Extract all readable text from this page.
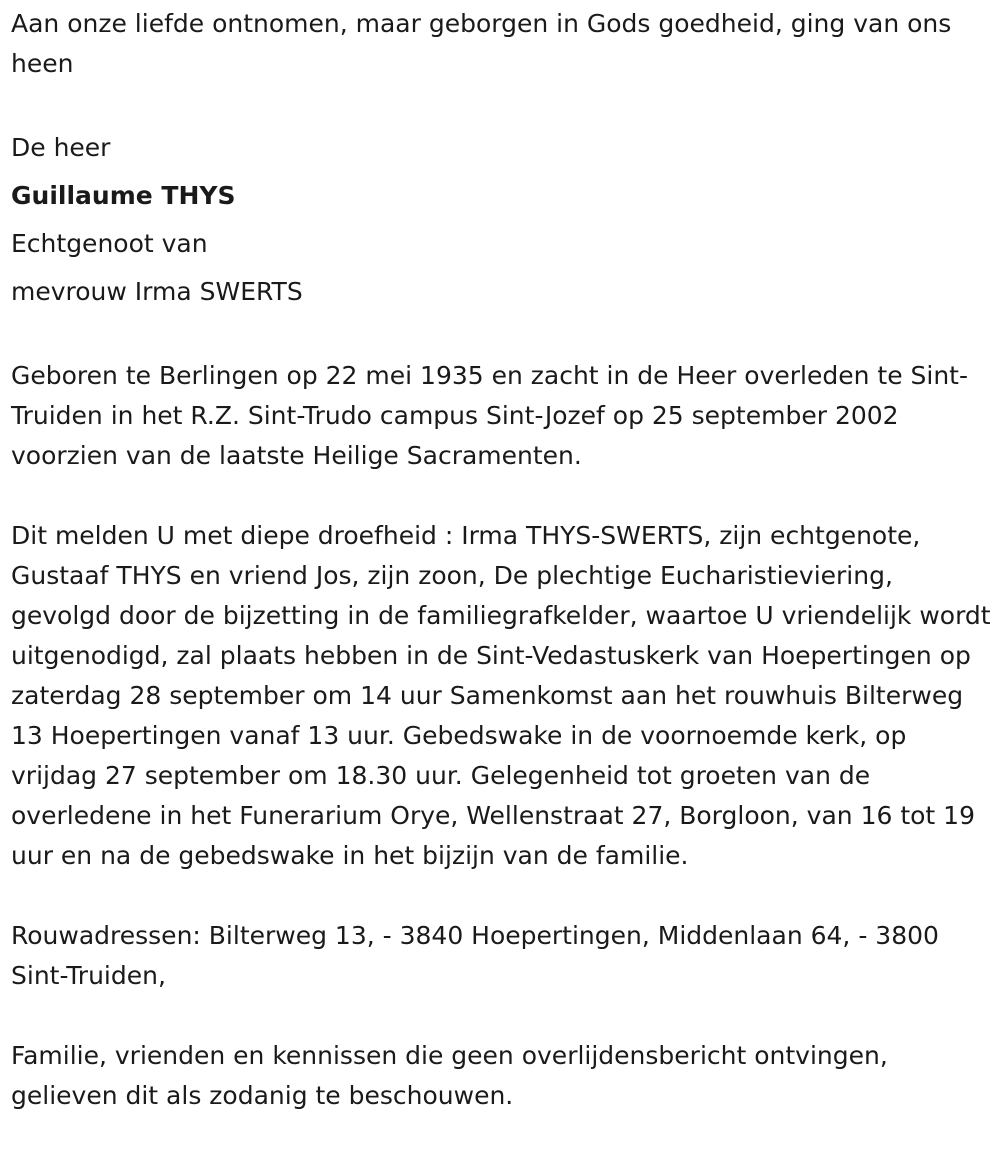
Aan onze liefde ontnomen, maar geborgen in Gods goedheid, ging van ons heen

De heer

Guillaume THYS

Echtgenoot van

mevrouw Irma SWERTS

Geboren te Berlingen op 22 mei 1935 en zacht in de Heer overleden te Sint-Truiden in het R.Z. Sint-Trudo campus Sint-Jozef op 25 september 2002 voorzien van de laatste Heilige Sacramenten.

Dit melden U met diepe droefheid : Irma THYS-SWERTS, zijn echtgenote, Gustaaf THYS en vriend Jos, zijn zoon, De plechtige Eucharistieviering, gevolgd door de bijzetting in de familiegrafkelder, waartoe U vriendelijk wordt uitgenodigd, zal plaats hebben in de Sint-Vedastuskerk van Hoepertingen op zaterdag 28 september om 14 uur Samenkomst aan het rouwhuis Bilterweg 13 Hoepertingen vanaf 13 uur. Gebedswake in de voornoemde kerk, op vrijdag 27 september om 18.30 uur. Gelegenheid tot groeten van de overledene in het Funerarium Orye, Wellenstraat 27, Borgloon, van 16 tot 19 uur en na de gebedswake in het bijzijn van de familie.

Rouwadressen: Bilterweg 13, - 3840 Hoepertingen, Middenlaan 64, - 3800 Sint-Truiden,

Familie, vrienden en kennissen die geen overlijdensbericht ontvingen, gelieven dit als zodanig te beschouwen.
